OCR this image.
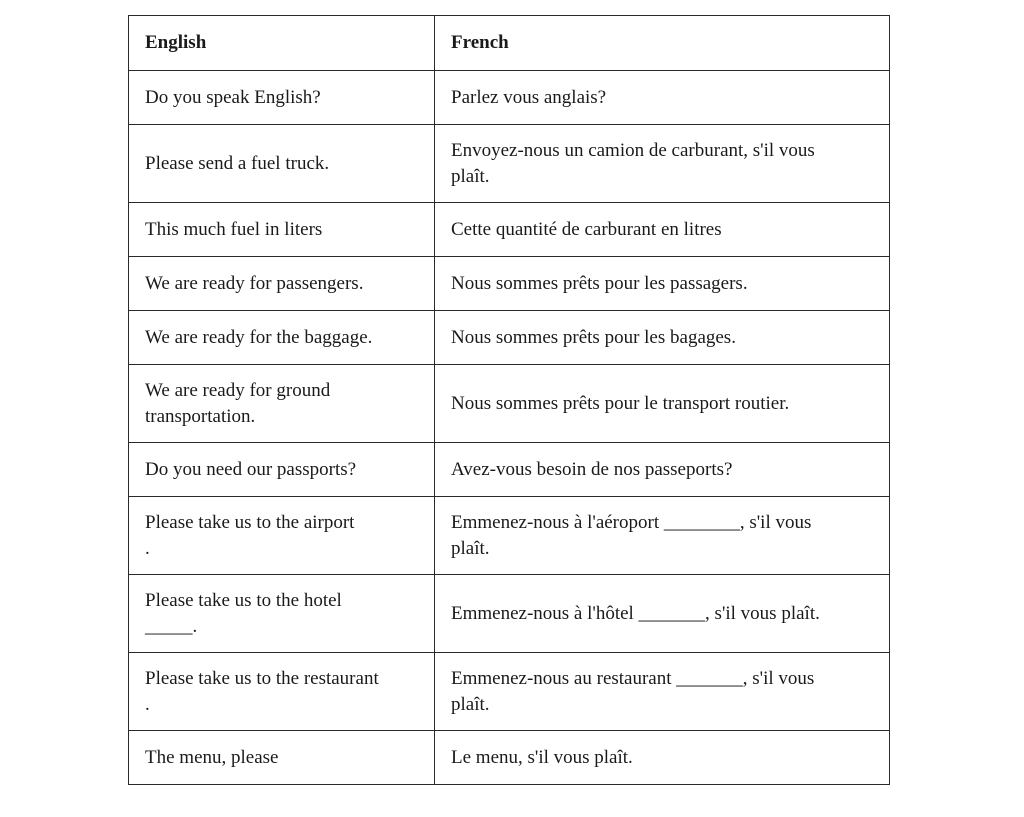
English	French
Do you speak English?	Parlez vous anglais?
Please send a fuel truck.	Envoyez-nous un camion de carburant, s'il vous
plaît.
This much fuel in liters	Cette quantité de carburant en litres
We are ready for passengers.	Nous sommes prêts pour les passagers.
We are ready for the baggage.	Nous sommes prêts pour les bagages.
We are ready for ground
transportation.	Nous sommes prêts pour le transport routier.
Do you need our passports?	Avez-vous besoin de nos passeports?
Please take us to the airport
.	Emmenez-nous à l'aéroport ________, s'il vous
plaît.
Please take us to the hotel
_____.	Emmenez-nous à l'hôtel _______, s'il vous plaît.
Please take us to the restaurant
.	Emmenez-nous au restaurant _______, s'il vous
plaît.
The menu, please	Le menu, s'il vous plaît.
